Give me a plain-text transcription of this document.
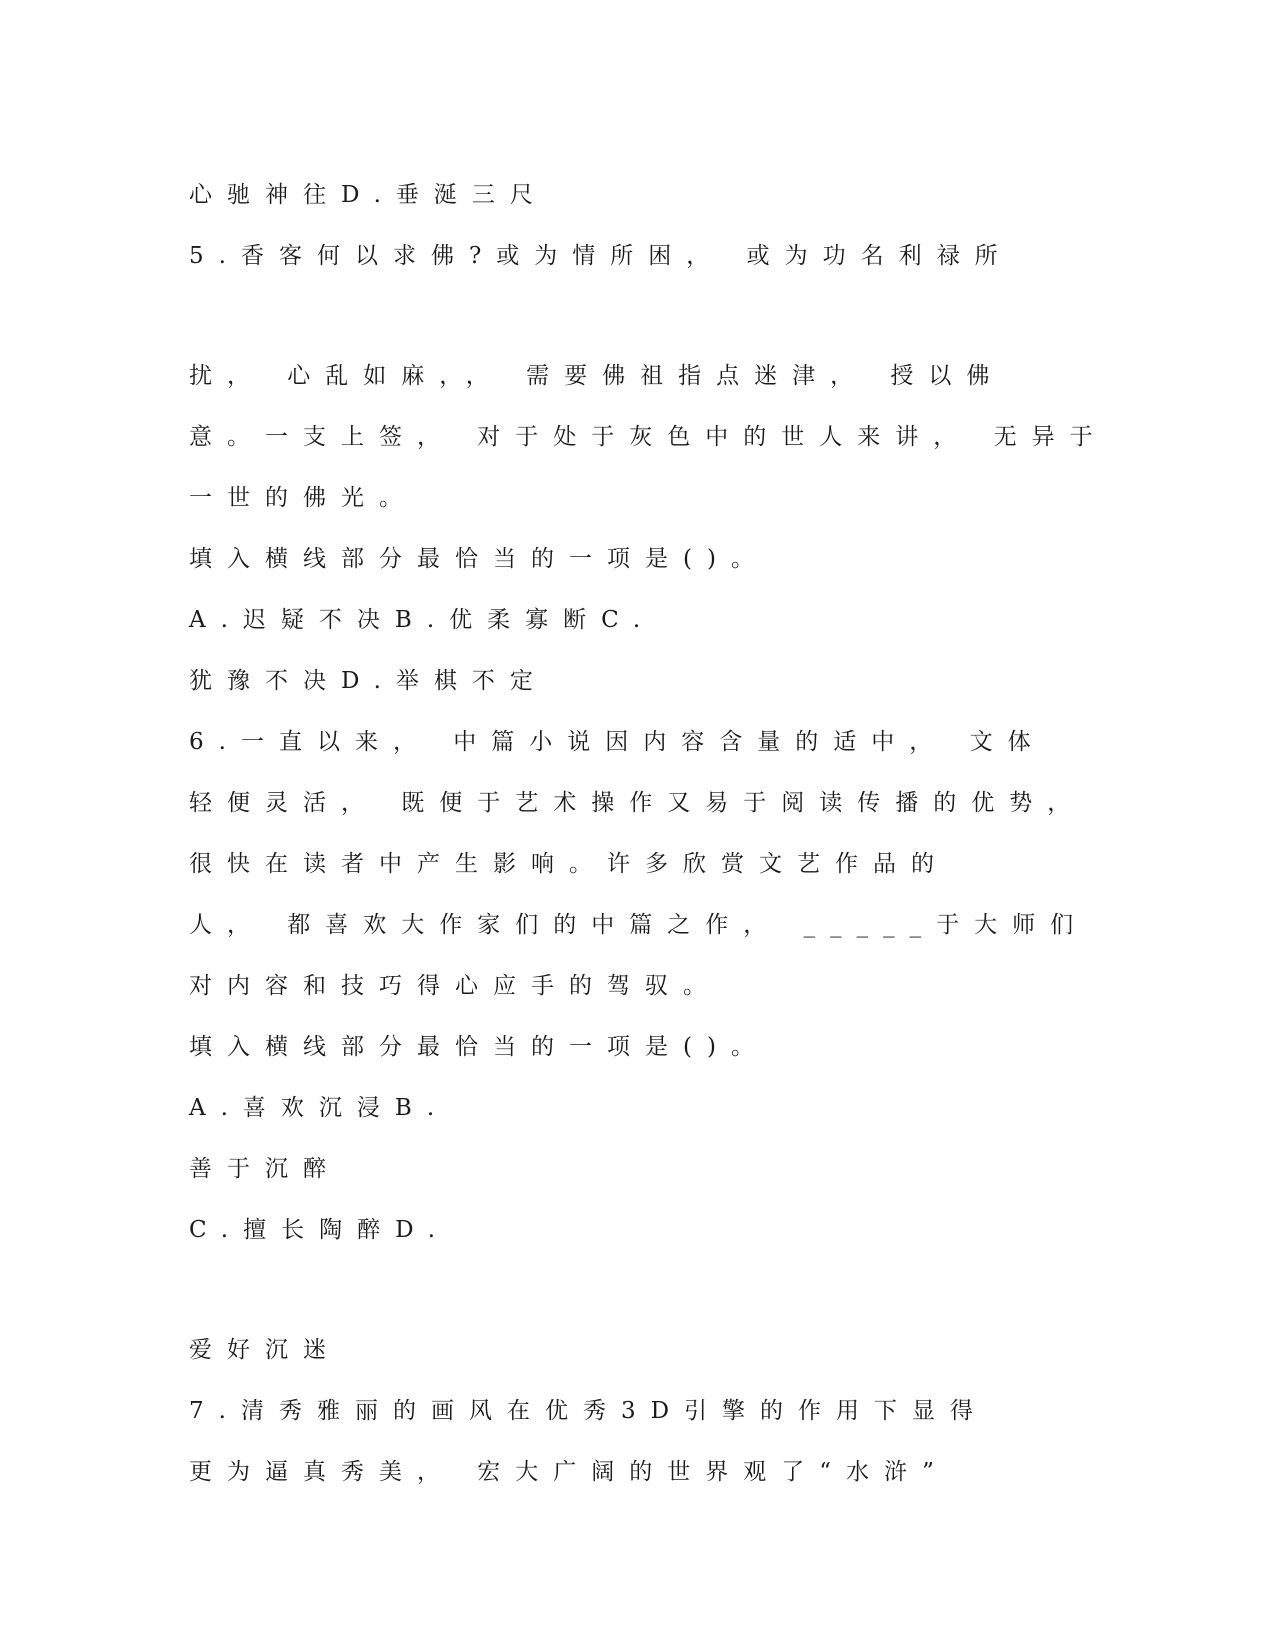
心驰神往D.垂涎三尺

5.香客何以求佛?或为情所困， 或为功名利禄所

扰， 心乱如麻，， 需要佛祖指点迷津， 授以佛

意。一支上签， 对于处于灰色中的世人来讲， 无异于

一世的佛光。

填入横线部分最恰当的一项是()。

A.迟疑不决B.优柔寡断C.

犹豫不决D.举棋不定

6.一直以来， 中篇小说因内容含量的适中， 文体

轻便灵活， 既便于艺术操作又易于阅读传播的优势，

很快在读者中产生影响。许多欣赏文艺作品的

人， 都喜欢大作家们的中篇之作， _____于大师们

对内容和技巧得心应手的驾驭。

填入横线部分最恰当的一项是()。

A.喜欢沉浸B.

善于沉醉

C.擅长陶醉D.

爱好沉迷

7.清秀雅丽的画风在优秀3D引擎的作用下显得

更为逼真秀美， 宏大广阔的世界观了“水浒”
